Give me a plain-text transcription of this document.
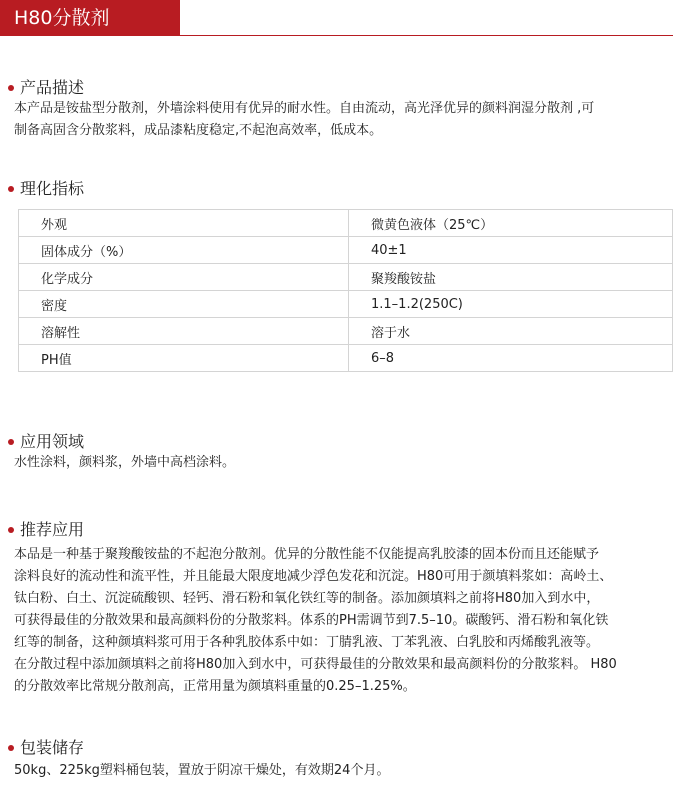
H80分散剂
产品描述
本产品是铵盐型分散剂，外墙涂料使用有优异的耐水性。自由流动，高光泽优异的颜料润湿分散剂 ,可
制备高固含分散浆料，成品漆粘度稳定,不起泡高效率，低成本。
理化指标
外观	微黄色液体（25℃）
固体成分（%）	40±1
化学成分	聚羧酸铵盐
密度	1.1–1.2(250C)
溶解性	溶于水
PH值	6–8
应用领域
水性涂料，颜料浆，外墙中高档涂料。
推荐应用
本品是一种基于聚羧酸铵盐的不起泡分散剂。优异的分散性能不仅能提高乳胶漆的固本份而且还能赋予
涂料良好的流动性和流平性，并且能最大限度地减少浮色发花和沉淀。H80可用于颜填料浆如：高岭土、
钛白粉、白土、沉淀硫酸钡、轻钙、滑石粉和氧化铁红等的制备。添加颜填料之前将H80加入到水中，
可获得最佳的分散效果和最高颜料份的分散浆料。体系的PH需调节到7.5–10。碳酸钙、滑石粉和氧化铁
红等的制备，这种颜填料浆可用于各种乳胶体系中如：丁腈乳液、丁苯乳液、白乳胶和丙烯酸乳液等。
在分散过程中添加颜填料之前将H80加入到水中，可获得最佳的分散效果和最高颜料份的分散浆料。 H80
的分散效率比常规分散剂高，正常用量为颜填料重量的0.25–1.25%。
包装储存
50kg、225kg塑料桶包装，置放于阴凉干燥处，有效期24个月。
